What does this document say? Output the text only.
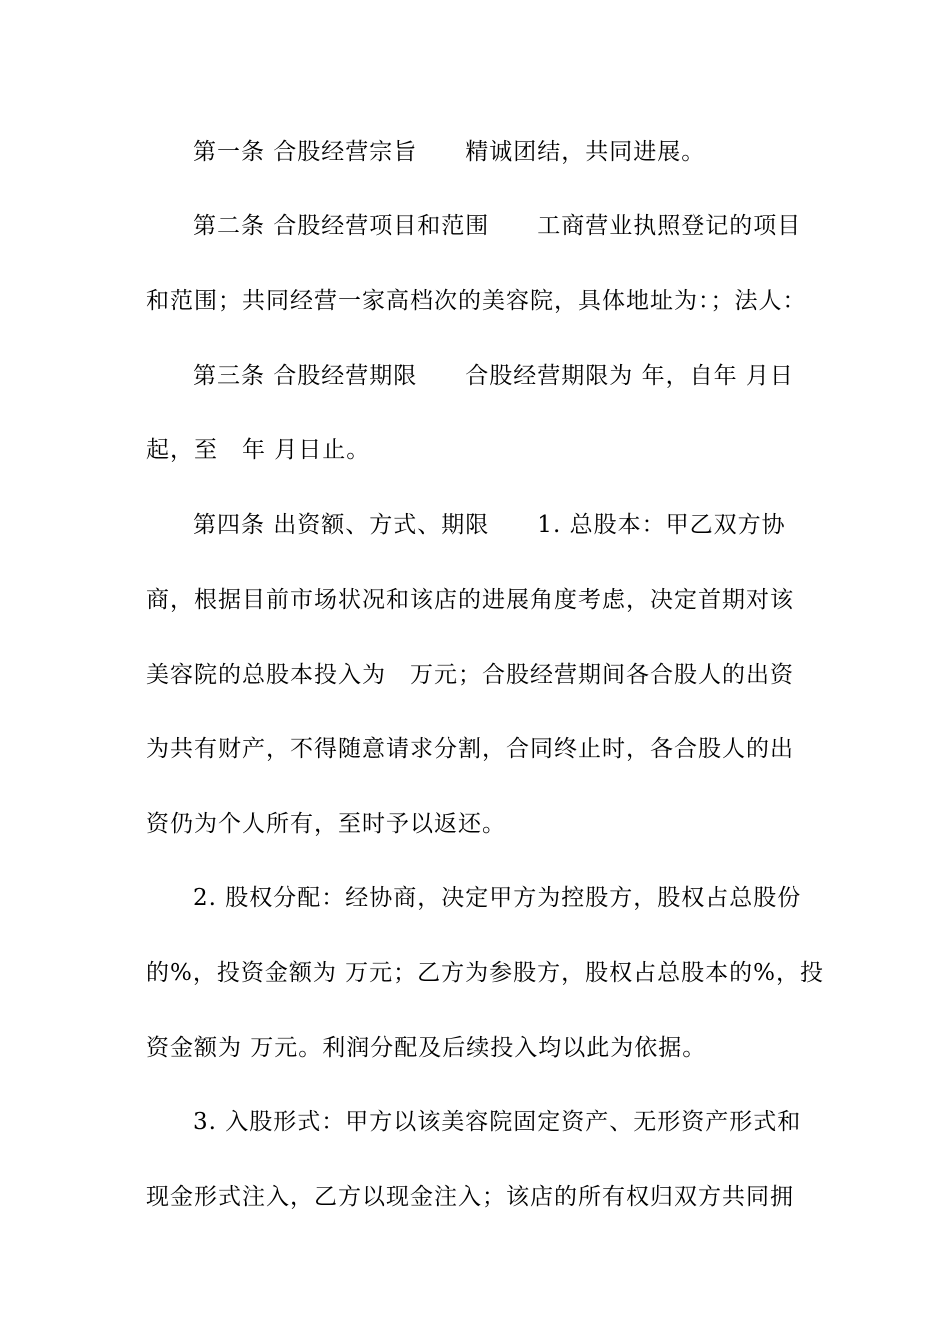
第一条 合股经营宗旨　　精诚团结，共同进展。
第二条 合股经营项目和范围　　工商营业执照登记的项目
和范围；共同经营一家高档次的美容院，具体地址为：；法人：
第三条 合股经营期限　　合股经营期限为 年，自年 月日
起，至　年 月日止。
第四条 出资额、方式、期限　　1. 总股本：甲乙双方协
商，根据目前市场状况和该店的进展角度考虑，决定首期对该
美容院的总股本投入为　万元；合股经营期间各合股人的出资
为共有财产，不得随意请求分割，合同终止时，各合股人的出
资仍为个人所有，至时予以返还。
2. 股权分配：经协商，决定甲方为控股方，股权占总股份
的%，投资金额为 万元；乙方为参股方，股权占总股本的%，投
资金额为 万元。利润分配及后续投入均以此为依据。
3. 入股形式：甲方以该美容院固定资产、无形资产形式和
现金形式注入，乙方以现金注入；该店的所有权归双方共同拥
